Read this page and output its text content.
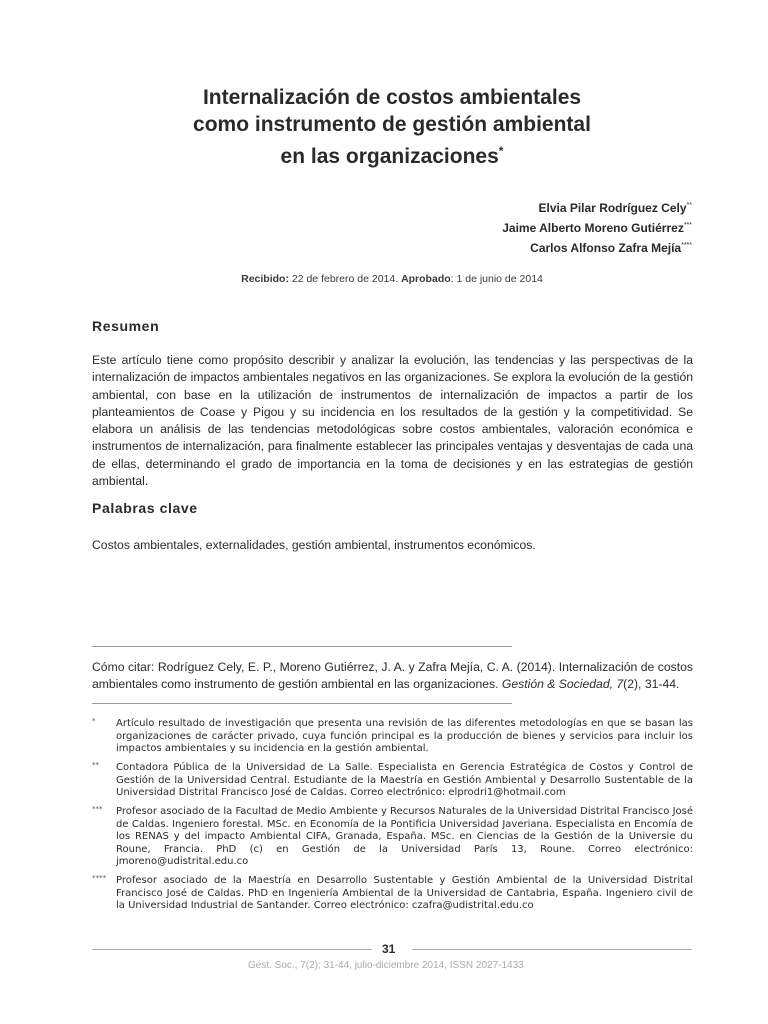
Internalización de costos ambientales
como instrumento de gestión ambiental
en las organizaciones*
Elvia Pilar Rodríguez Cely**
Jaime Alberto Moreno Gutiérrez***
Carlos Alfonso Zafra Mejía****
Recibido: 22 de febrero de 2014. Aprobado: 1 de junio de 2014
Resumen
Este artículo tiene como propósito describir y analizar la evolución, las tendencias y las perspectivas de la internalización de impactos ambientales negativos en las organizaciones. Se explora la evolución de la gestión ambiental, con base en la utilización de instrumentos de internalización de impactos a partir de los planteamientos de Coase y Pigou y su incidencia en los resultados de la gestión y la competitividad. Se elabora un análisis de las tendencias metodológicas sobre costos ambientales, valoración económica e instrumentos de internalización, para finalmente establecer las principales ventajas y desventajas de cada una de ellas, determinando el grado de importancia en la toma de decisiones y en las estrategias de gestión ambiental.
Palabras clave
Costos ambientales, externalidades, gestión ambiental, instrumentos económicos.
Cómo citar: Rodríguez Cely, E. P., Moreno Gutiérrez, J. A. y Zafra Mejía, C. A. (2014). Internalización de costos ambientales como instrumento de gestión ambiental en las organizaciones. Gestión & Sociedad, 7(2), 31-44.
* Artículo resultado de investigación que presenta una revisión de las diferentes metodologías en que se basan las organizaciones de carácter privado, cuya función principal es la producción de bienes y servicios para incluir los impactos ambientales y su incidencia en la gestión ambiental.
** Contadora Pública de la Universidad de La Salle. Especialista en Gerencia Estratégica de Costos y Control de Gestión de la Universidad Central. Estudiante de la Maestría en Gestión Ambiental y Desarrollo Sustentable de la Universidad Distrital Francisco José de Caldas. Correo electrónico: elprodri1@hotmail.com
*** Profesor asociado de la Facultad de Medio Ambiente y Recursos Naturales de la Universidad Distrital Francisco José de Caldas. Ingeniero forestal. MSc. en Economía de la Pontificia Universidad Javeriana. Especialista en Encomía de los RENAS y del impacto Ambiental CIFA, Granada, España. MSc. en Ciencias de la Gestión de la Universie du Roune, Francia. PhD (c) en Gestión de la Universidad París 13, Roune. Correo electrónico: jmoreno@udistrital.edu.co
**** Profesor asociado de la Maestría en Desarrollo Sustentable y Gestión Ambiental de la Universidad Distrital Francisco José de Caldas. PhD en Ingeniería Ambiental de la Universidad de Cantabria, España. Ingeniero civil de la Universidad Industrial de Santander. Correo electrónico: czafra@udistrital.edu.co
31
Gest. Soc., 7(2); 31-44, julio-diciembre 2014, ISSN 2027-1433
